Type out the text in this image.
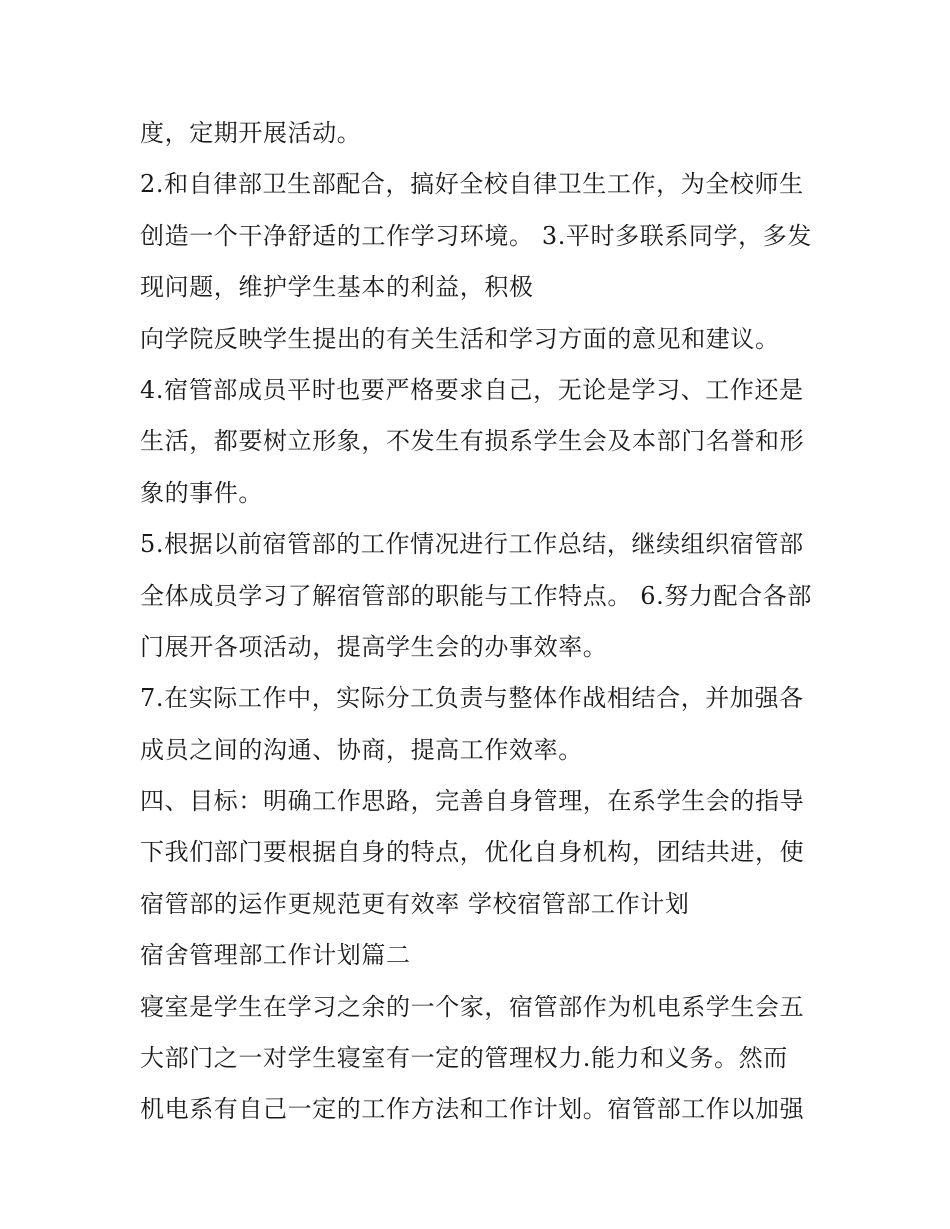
度，定期开展活动。
2.和自律部卫生部配合，搞好全校自律卫生工作，为全校师生
创造一个干净舒适的工作学习环境。 3.平时多联系同学，多发
现问题，维护学生基本的利益，积极
向学院反映学生提出的有关生活和学习方面的意见和建议。
4.宿管部成员平时也要严格要求自己，无论是学习、工作还是
生活，都要树立形象，不发生有损系学生会及本部门名誉和形
象的事件。
5.根据以前宿管部的工作情况进行工作总结，继续组织宿管部
全体成员学习了解宿管部的职能与工作特点。 6.努力配合各部
门展开各项活动，提高学生会的办事效率。
7.在实际工作中，实际分工负责与整体作战相结合，并加强各
成员之间的沟通、协商，提高工作效率。
四、目标：明确工作思路，完善自身管理，在系学生会的指导
下我们部门要根据自身的特点，优化自身机构，团结共进，使
宿管部的运作更规范更有效率 学校宿管部工作计划
宿舍管理部工作计划篇二
寝室是学生在学习之余的一个家，宿管部作为机电系学生会五
大部门之一对学生寝室有一定的管理权力.能力和义务。然而
机电系有自己一定的工作方法和工作计划。宿管部工作以加强
